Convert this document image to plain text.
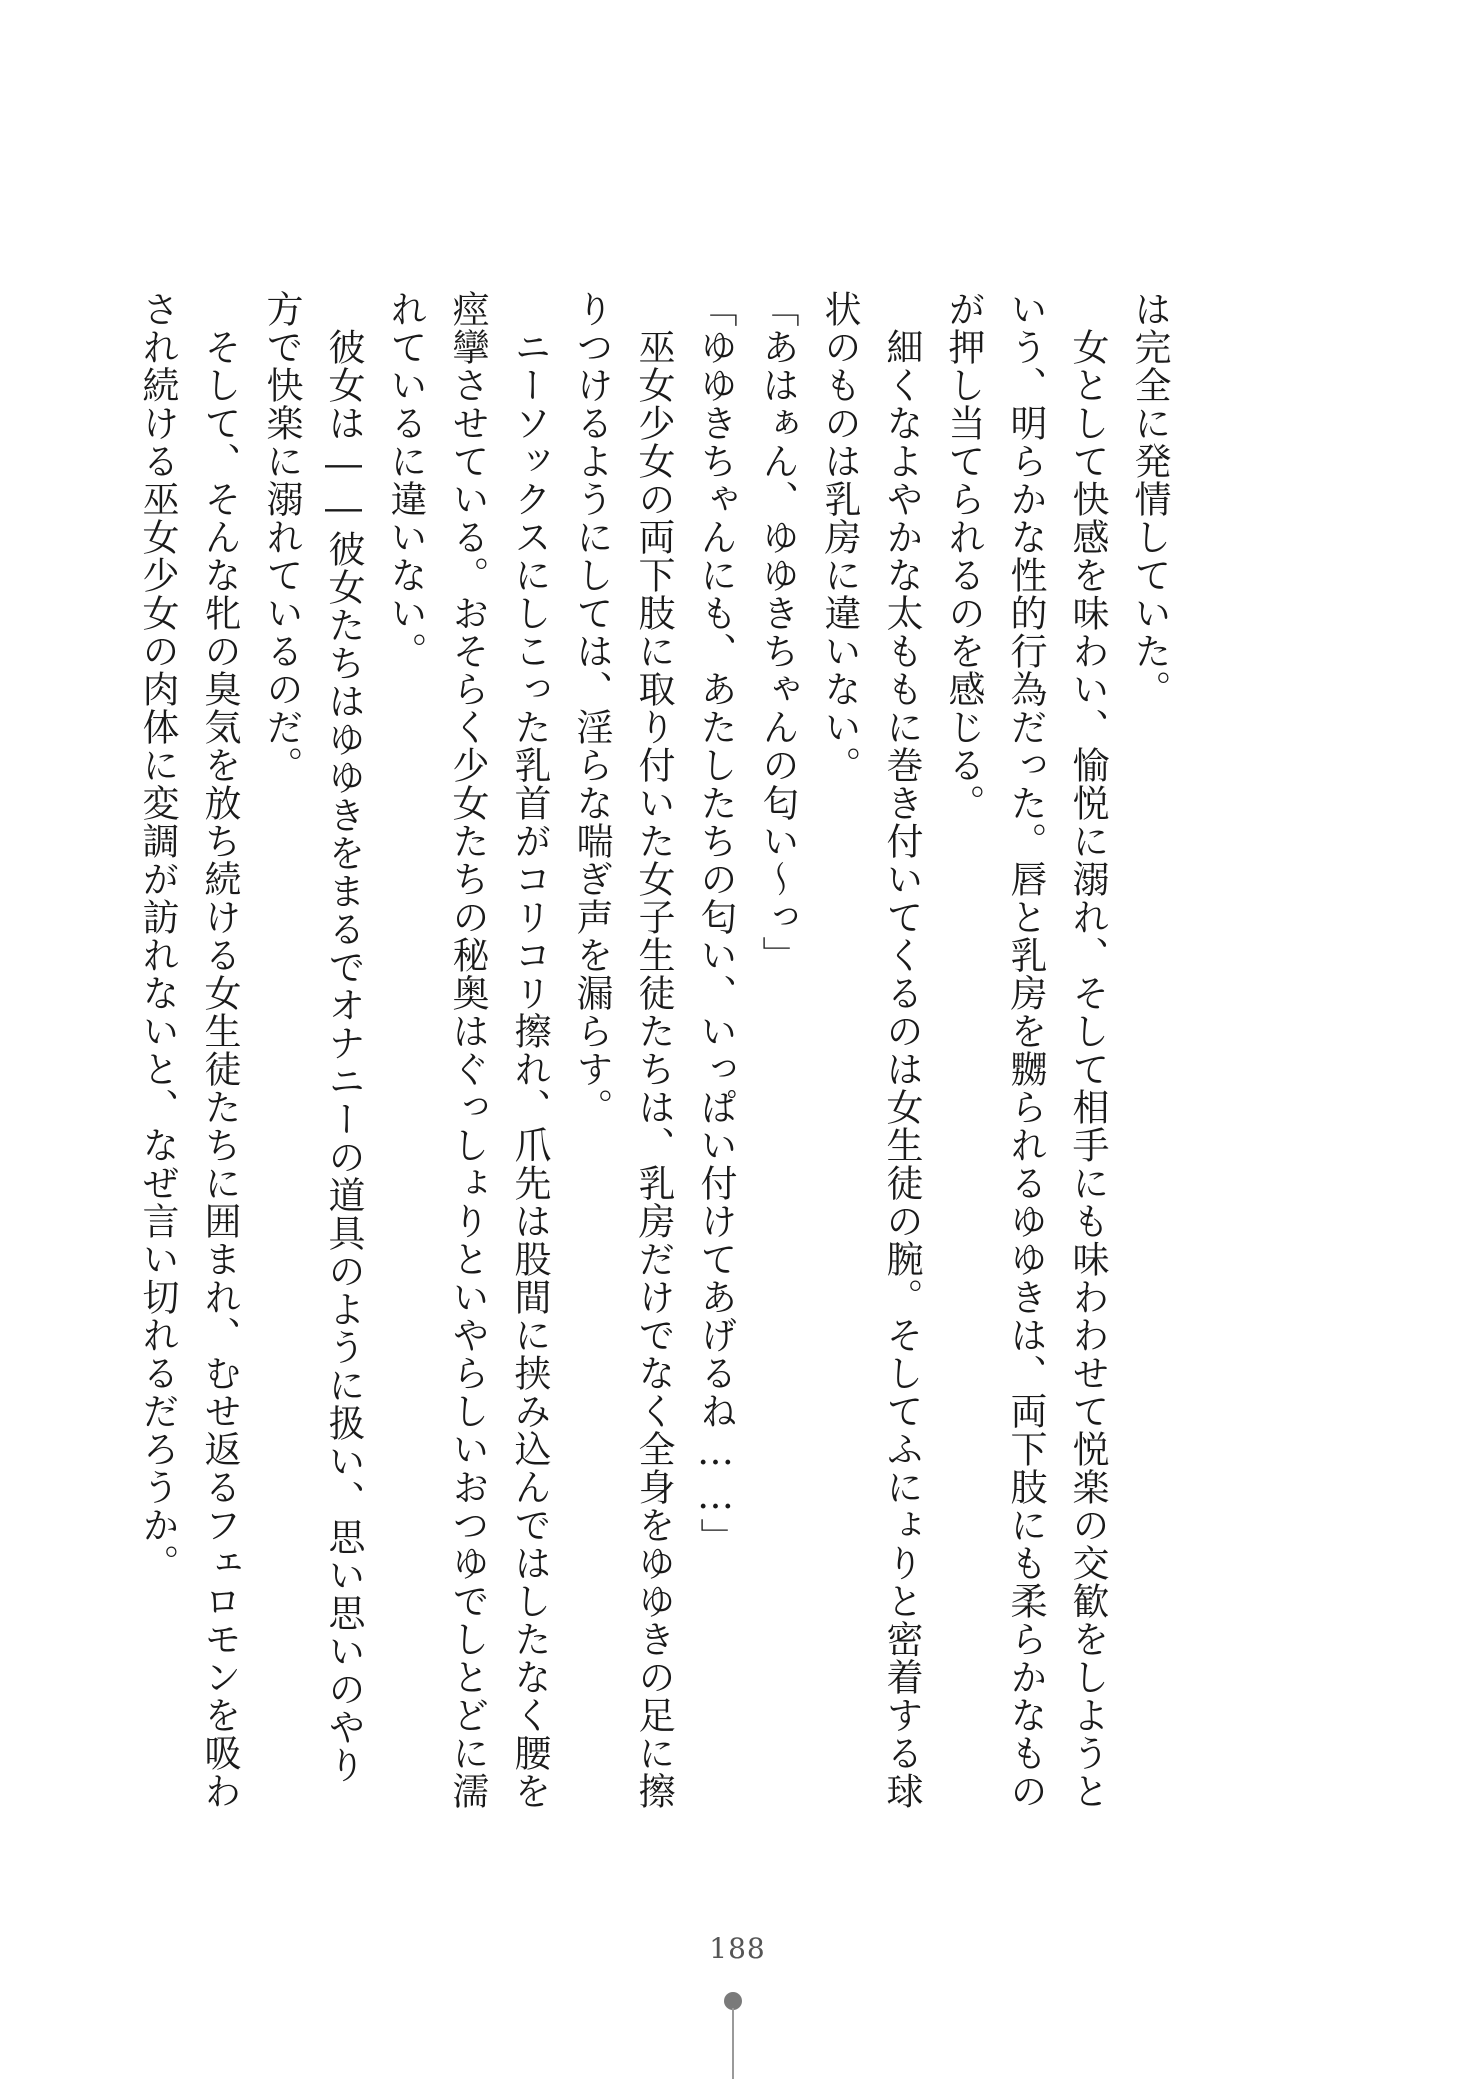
は完全に発情していた。

　女として快感を味わい、愉悦に溺れ、そして相手にも味わわせて悦楽の交歓をしようと

いう、明らかな性的行為だった。唇と乳房を嬲られるゆゆきは、両下肢にも柔らかなもの

が押し当てられるのを感じる。

　細くなよやかな太ももに巻き付いてくるのは女生徒の腕。そしてふにょりと密着する球

状のものは乳房に違いない。

「あはぁん、ゆゆきちゃんの匂い～っ」

「ゆゆきちゃんにも、あたしたちの匂い、いっぱい付けてあげるね……」

　巫女少女の両下肢に取り付いた女子生徒たちは、乳房だけでなく全身をゆゆきの足に擦

りつけるようにしては、淫らな喘ぎ声を漏らす。

　ニーソックスにしこった乳首がコリコリ擦れ、爪先は股間に挟み込んではしたなく腰を

痙攣させている。おそらく少女たちの秘奥はぐっしょりといやらしいおつゆでしとどに濡

れているに違いない。

　彼女は――彼女たちはゆゆきをまるでオナニーの道具のように扱い、思い思いのやり

方で快楽に溺れているのだ。

　そして、そんな牝の臭気を放ち続ける女生徒たちに囲まれ、むせ返るフェロモンを吸わ

され続ける巫女少女の肉体に変調が訪れないと、なぜ言い切れるだろうか。

188
